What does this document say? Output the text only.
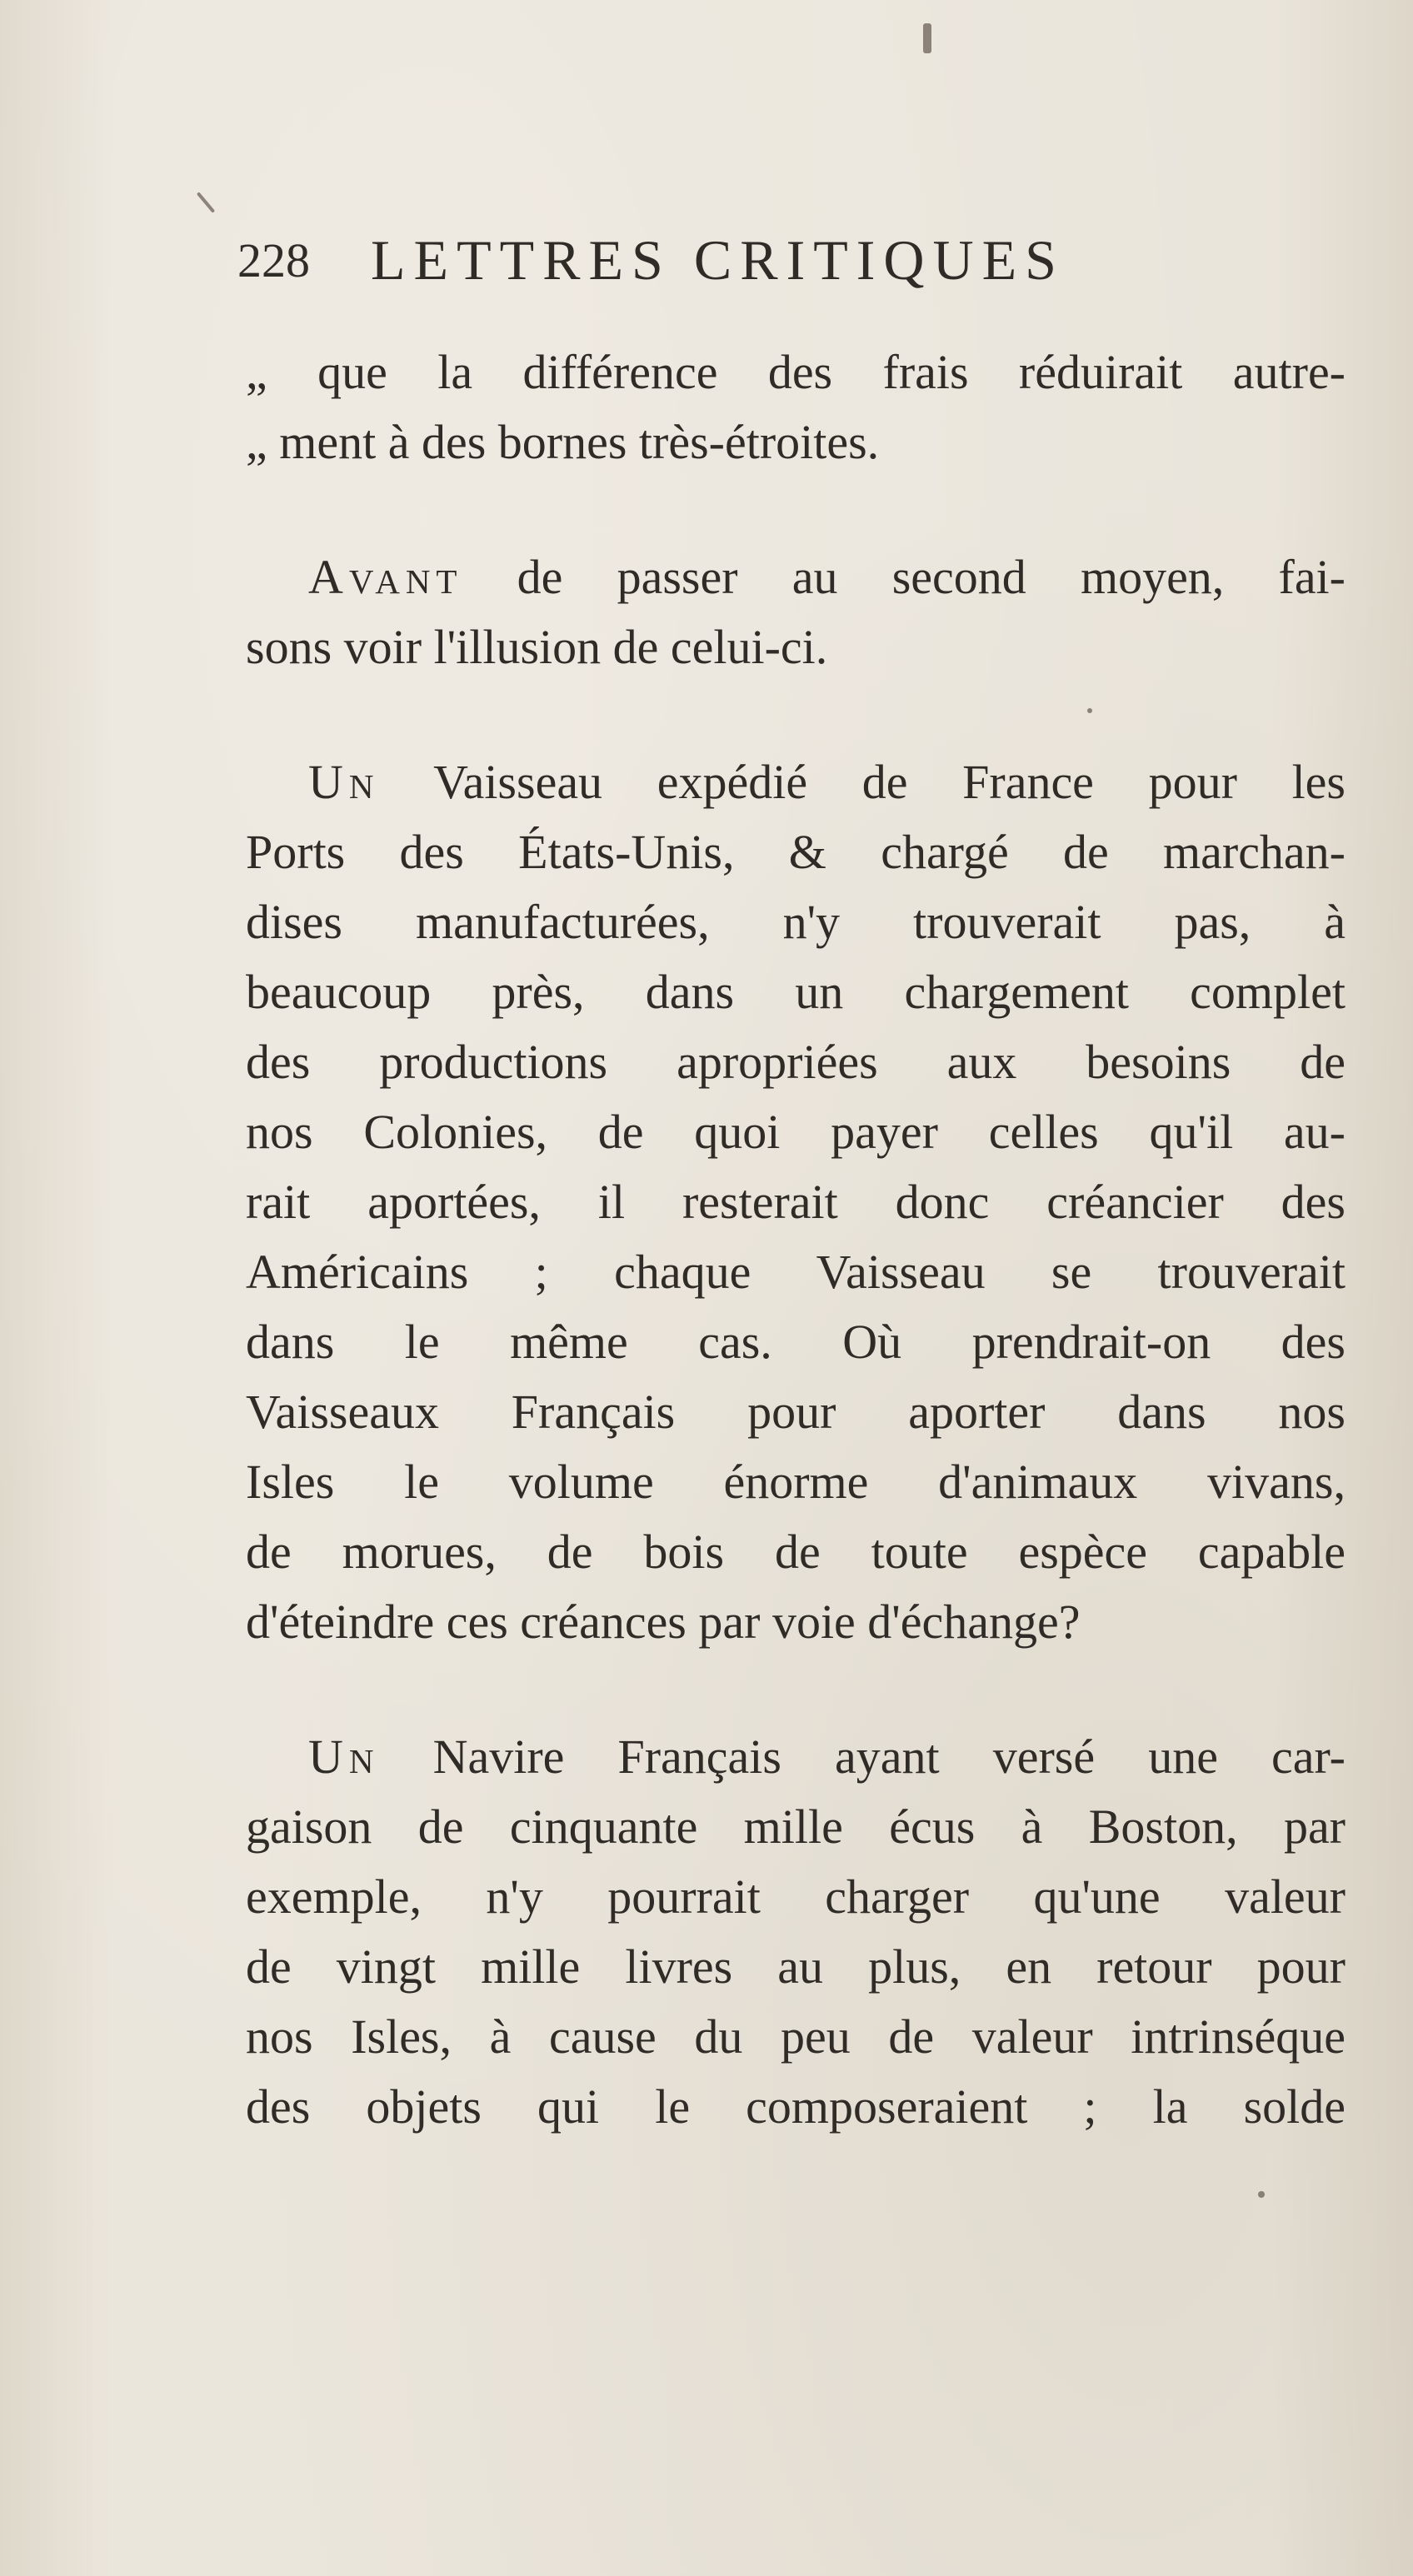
228 LETTRES CRITIQUES
„ que la différence des frais réduirait autre-
„ ment à des bornes très-étroites.
Avant de passer au second moyen, fai-
sons voir l'illusion de celui-ci.
Un Vaisseau expédié de France pour les
Ports des États-Unis, & chargé de marchan-
dises manufacturées, n'y trouverait pas, à
beaucoup près, dans un chargement complet
des productions apropriées aux besoins de
nos Colonies, de quoi payer celles qu'il au-
rait aportées, il resterait donc créancier des
Américains ; chaque Vaisseau se trouverait
dans le même cas. Où prendrait-on des
Vaisseaux Français pour aporter dans nos
Isles le volume énorme d'animaux vivans,
de morues, de bois de toute espèce capable
d'éteindre ces créances par voie d'échange?
Un Navire Français ayant versé une car-
gaison de cinquante mille écus à Boston, par
exemple, n'y pourrait charger qu'une valeur
de vingt mille livres au plus, en retour pour
nos Isles, à cause du peu de valeur intrinséque
des objets qui le composeraient ; la solde
